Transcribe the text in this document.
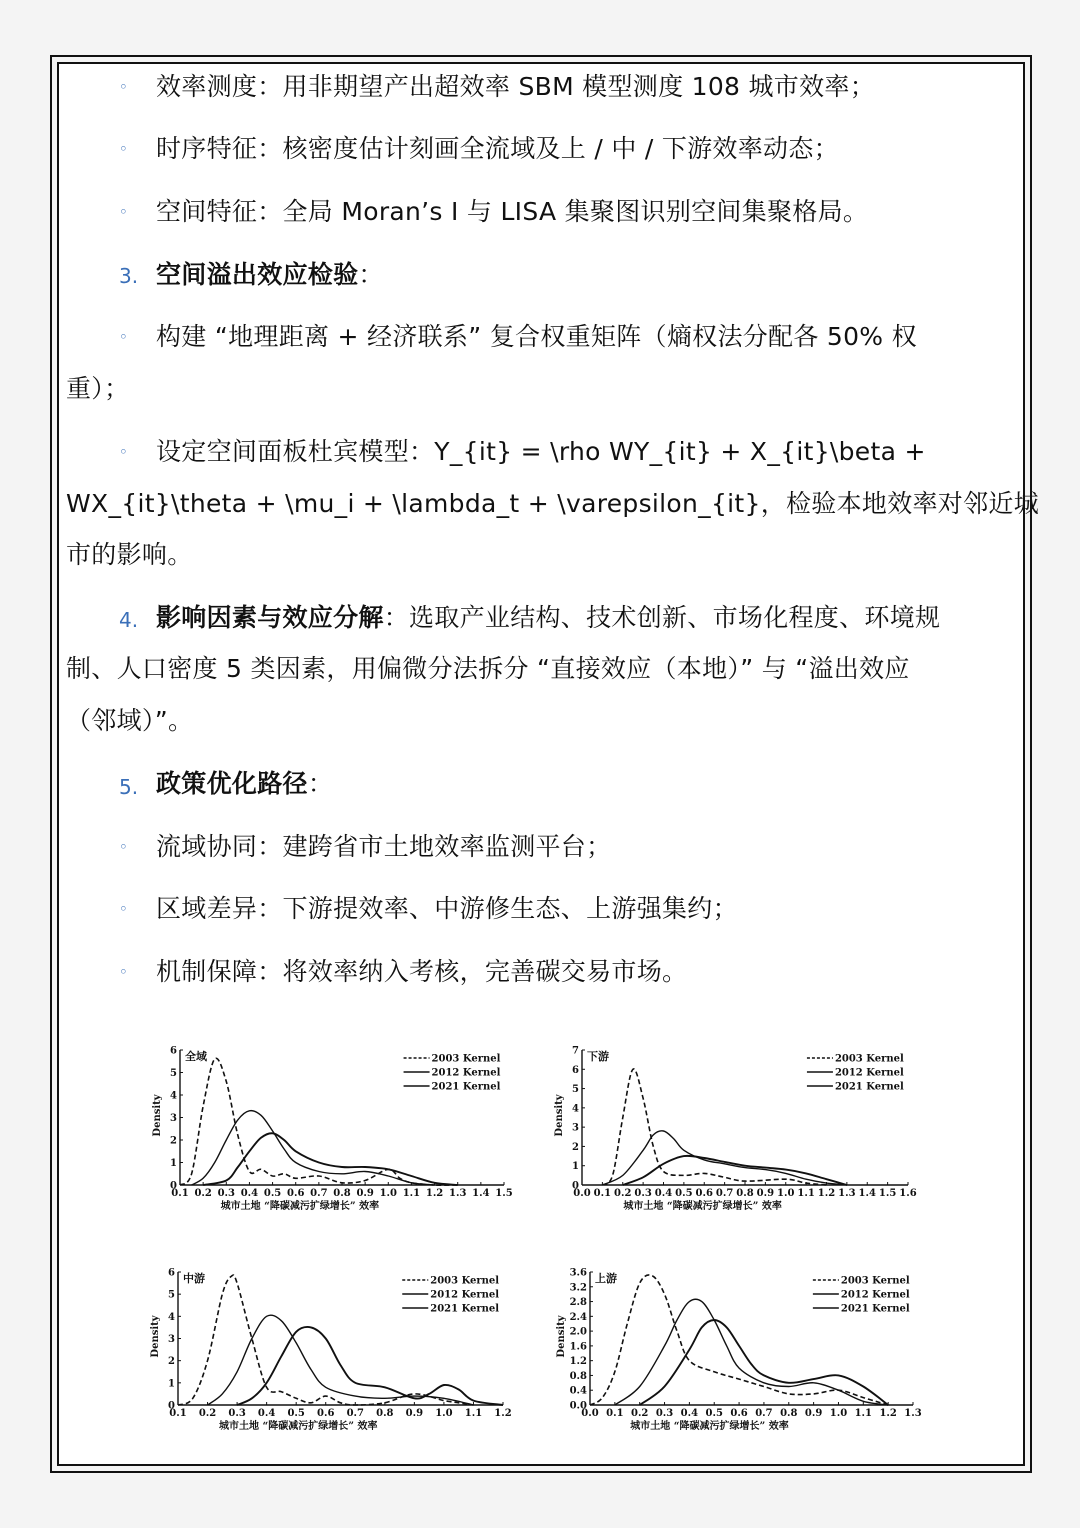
◦ 效率测度：用非期望产出超效率 SBM 模型测度 108 城市效率；
◦ 时序特征：核密度估计刻画全流域及上 / 中 / 下游效率动态；
◦ 空间特征：全局 Moran’s I 与 LISA 集聚图识别空间集聚格局。
3. 空间溢出效应检验：
◦ 构建 “地理距离 + 经济联系” 复合权重矩阵（熵权法分配各 50% 权
重）；
◦ 设定空间面板杜宾模型：Y_{it} = \rho WY_{it} + X_{it}\beta +
WX_{it}\theta + \mu_i + \lambda_t + \varepsilon_{it}，检验本地效率对邻近城
市的影响。
4. 影响因素与效应分解：选取产业结构、技术创新、市场化程度、环境规
制、人口密度 5 类因素，用偏微分法拆分 “直接效应（本地）” 与 “溢出效应
（邻域）”。
5. 政策优化路径：
◦ 流域协同：建跨省市土地效率监测平台；
◦ 区域差异：下游提效率、中游修生态、上游强集约；
◦ 机制保障：将效率纳入考核，完善碳交易市场。
0.1 0.2 0.3 0.4 0.5 0.6 0.7 0.8 0.9 1.0 1.1 1.2 1.3 1.4 1.5
0
1
2
3
4
5
6
Density
城市土地 “降碳减污扩绿增长” 效率
全域	2003 Kernel
2012 Kernel
2021 Kernel
0.0 0.1 0.2 0.3 0.4 0.5 0.6 0.7 0.8 0.9 1.0 1.1 1.2 1.3 1.4 1.5 1.6
0
1
2
3
4
5
6
7
Density
城市土地 “降碳减污扩绿增长” 效率
下游	2003 Kernel
2012 Kernel
2021 Kernel
0.1 0.2 0.3 0.4 0.5 0.6 0.7 0.8 0.9 1.0 1.1 1.2
0
1
2
3
4
5
6
Density
城市土地 “降碳减污扩绿增长” 效率
中游	2003 Kernel
2012 Kernel
2021 Kernel
0.0 0.1 0.2 0.3 0.4 0.5 0.6 0.7 0.8 0.9 1.0 1.1 1.2 1.3
0.0
0.4
0.8
1.2
1.6
2.0
2.4
2.8
3.2
3.6
Density
城市土地 “降碳减污扩绿增长” 效率
上游	2003 Kernel
2012 Kernel
2021 Kernel
